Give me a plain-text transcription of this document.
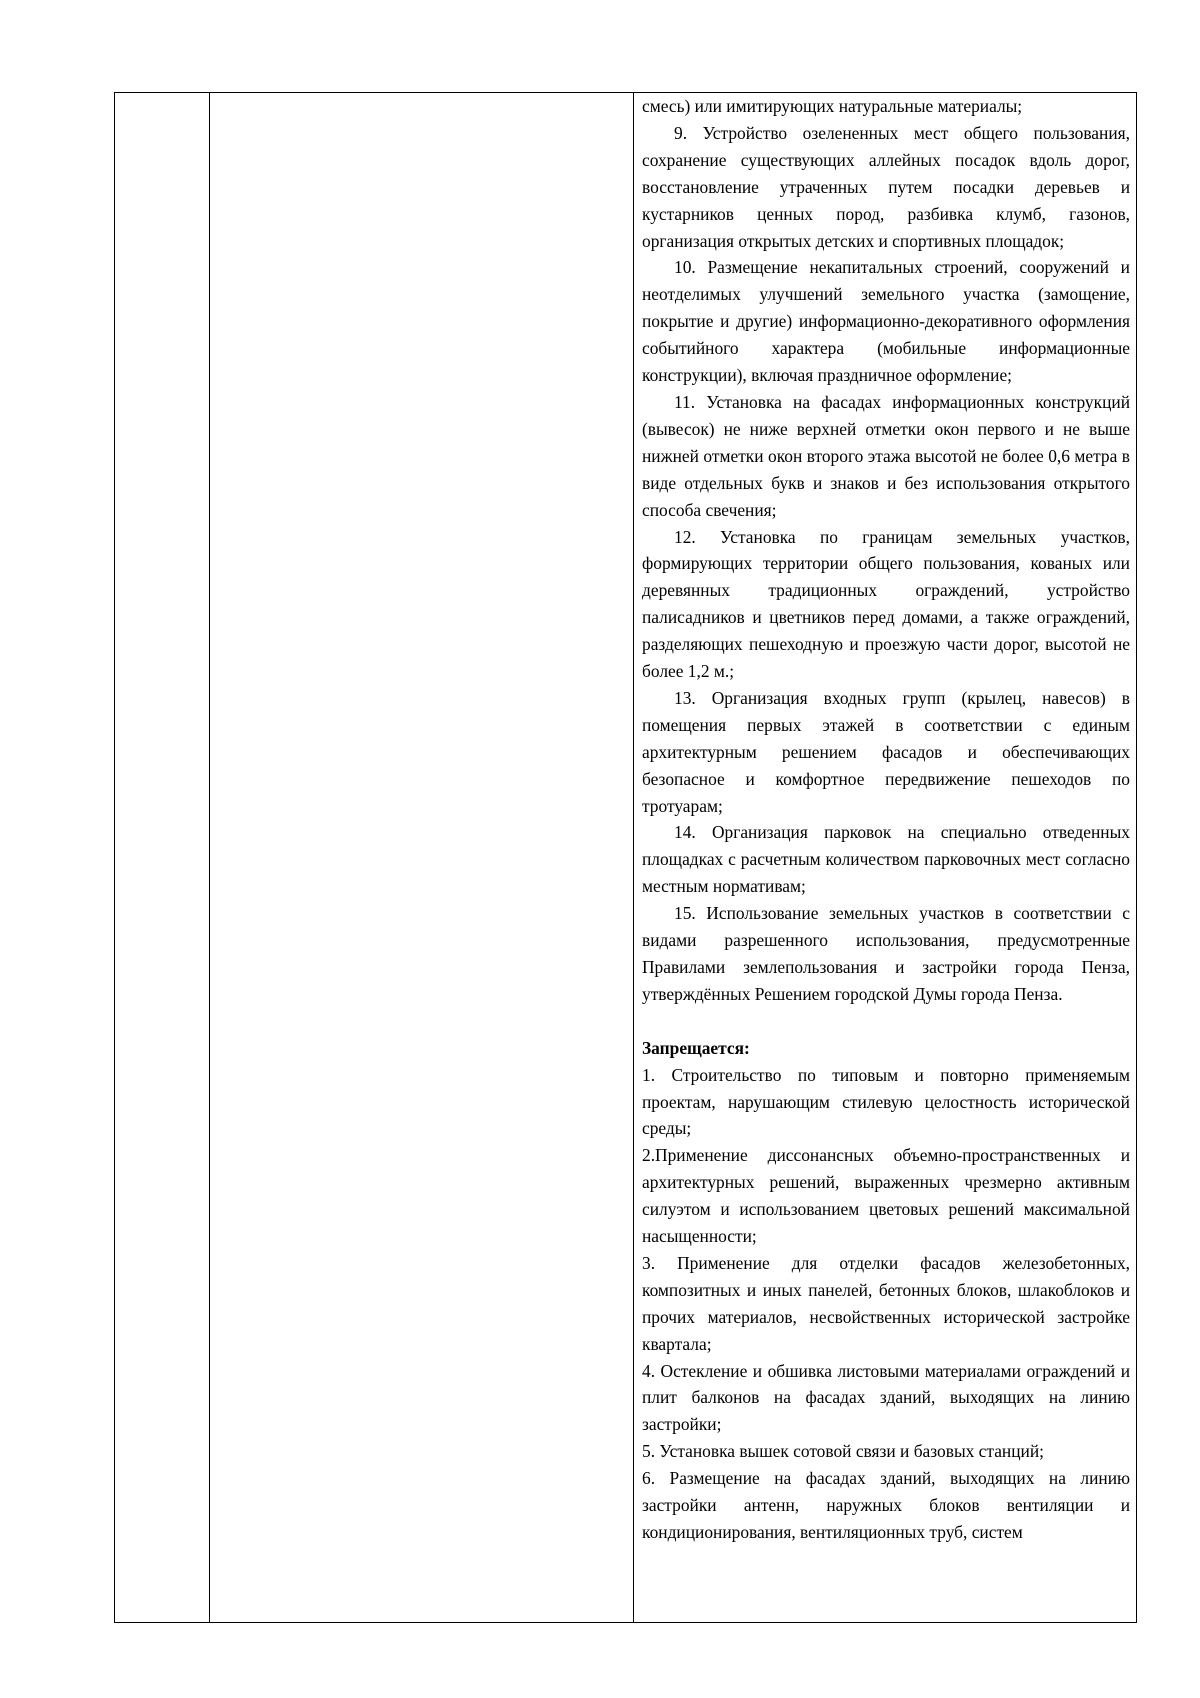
смесь) или имитирующих натуральные материалы;

9. Устройство озелененных мест общего пользования, сохранение существующих аллейных посадок вдоль дорог, восстановление утраченных путем посадки деревьев и кустарников ценных пород, разбивка клумб, газонов, организация открытых детских и спортивных площадок;

10. Размещение некапитальных строений, сооружений и неотделимых улучшений земельного участка (замощение, покрытие и другие) информационно-декоративного оформления событийного характера (мобильные информационные конструкции), включая праздничное оформление;

11. Установка на фасадах информационных конструкций (вывесок) не ниже верхней отметки окон первого и не выше нижней отметки окон второго этажа высотой не более 0,6 метра в виде отдельных букв и знаков и без использования открытого способа свечения;

12. Установка по границам земельных участков, формирующих территории общего пользования, кованых или деревянных традиционных ограждений, устройство палисадников и цветников перед домами, а также ограждений, разделяющих пешеходную и проезжую части дорог, высотой не более 1,2 м.;

13. Организация входных групп (крылец, навесов) в помещения первых этажей в соответствии с единым архитектурным решением фасадов и обеспечивающих безопасное и комфортное передвижение пешеходов по тротуарам;

14. Организация парковок на специально отведенных площадках с расчетным количеством парковочных мест согласно местным нормативам;

15. Использование земельных участков в соответствии с видами разрешенного использования, предусмотренные Правилами землепользования и застройки города Пенза, утверждённых Решением городской Думы города Пенза.

Запрещается:

1. Строительство по типовым и повторно применяемым проектам, нарушающим стилевую целостность исторической среды;

2.Применение диссонансных объемно-пространственных и архитектурных решений, выраженных чрезмерно активным силуэтом и использованием цветовых решений максимальной насыщенности;

3. Применение для отделки фасадов железобетонных, композитных и иных панелей, бетонных блоков, шлакоблоков и прочих материалов, несвойственных исторической застройке квартала;

4. Остекление и обшивка листовыми материалами ограждений и плит балконов на фасадах зданий, выходящих на линию застройки;

5. Установка вышек сотовой связи и базовых станций;

6. Размещение на фасадах зданий, выходящих на линию застройки антенн, наружных блоков вентиляции и кондиционирования, вентиляционных труб, систем
